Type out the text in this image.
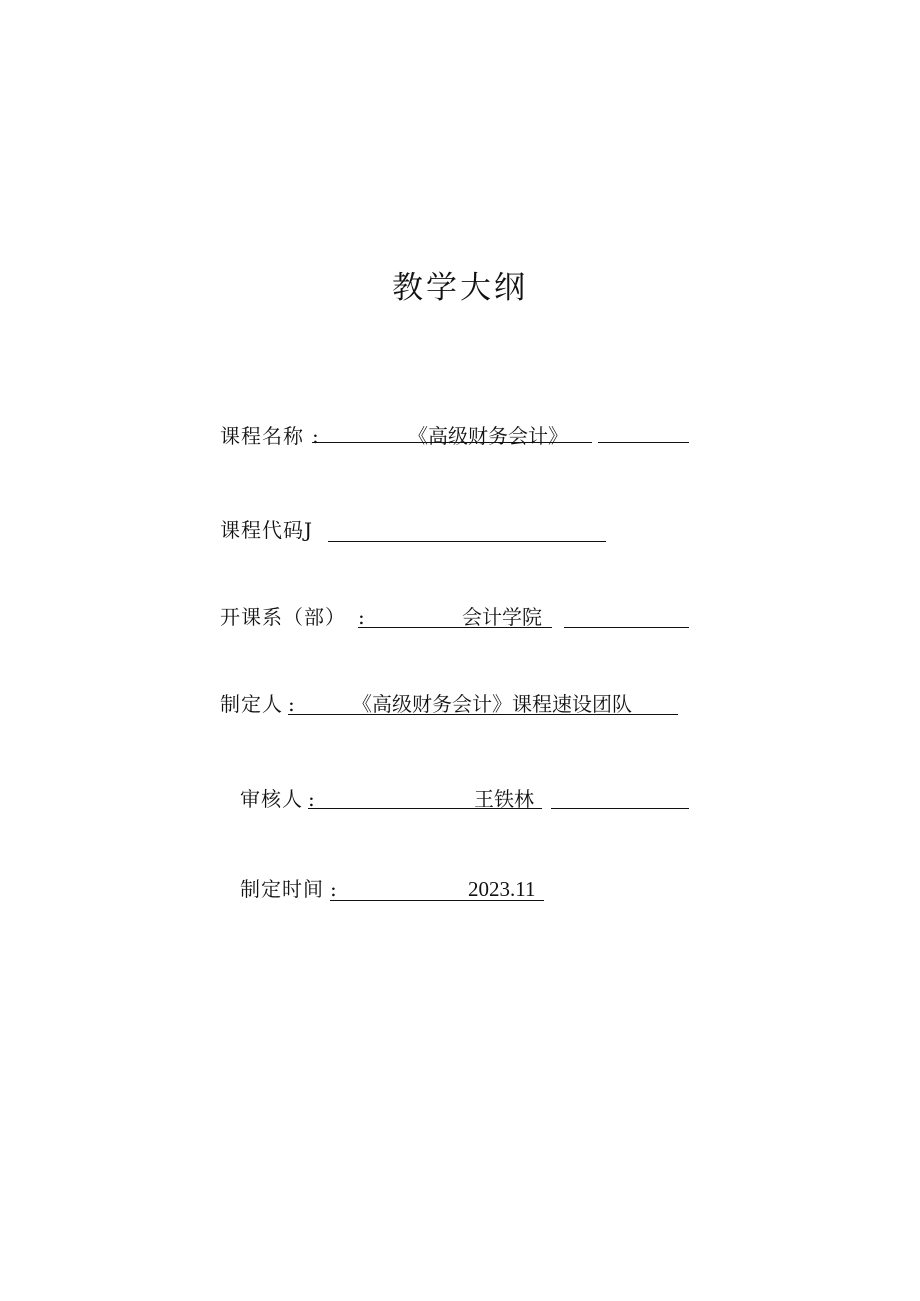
教学大纲
课程名称 :	《高级财务会计》
课程代码J
开课系（部） :	会计学院
制定人 :	《高级财务会计》课程速设团队
审核人 :	王铁林
制定时间 :	2023.11
